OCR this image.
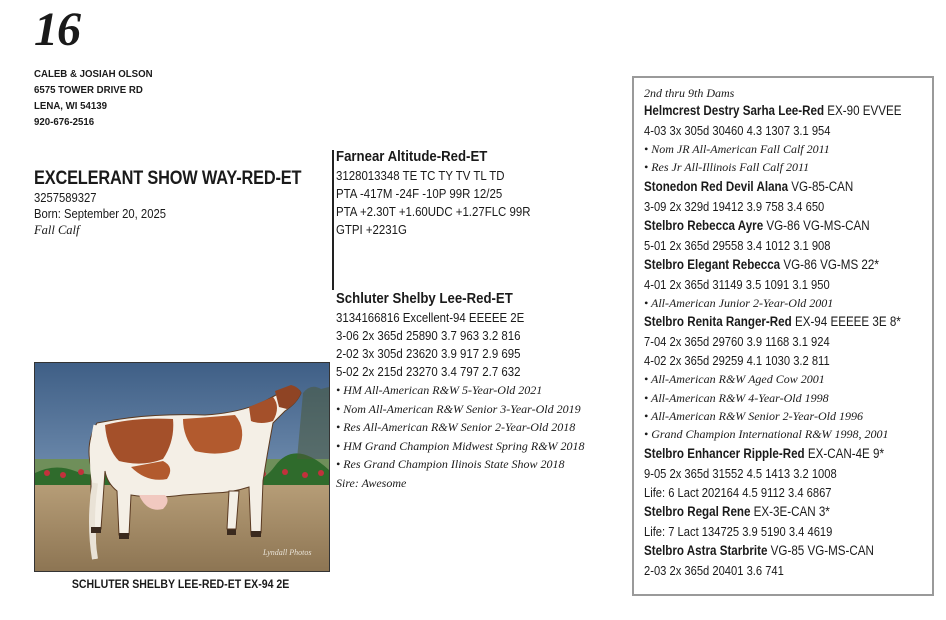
16
CALEB & JOSIAH OLSON
6575 TOWER DRIVE RD
LENA, WI 54139
920-676-2516
EXCELERANT SHOW WAY-RED-ET
3257589327
Born: September 20, 2025
Fall Calf
Farnear Altitude-Red-ET
3128013348 TE TC TY TV TL TD
PTA -417M -24F -10P 99R 12/25
PTA +2.30T +1.60UDC +1.27FLC 99R
GTPI +2231G
Schluter Shelby Lee-Red-ET
3134166816 Excellent-94 EEEEE 2E
3-06 2x 365d 25890 3.7 963 3.2 816
2-02 3x 305d 23620 3.9 917 2.9 695
5-02 2x 215d 23270 3.4 797 2.7 632
• HM All-American R&W 5-Year-Old 2021
• Nom All-American R&W Senior 3-Year-Old 2019
• Res All-American R&W Senior 2-Year-Old 2018
• HM Grand Champion Midwest Spring R&W 2018
• Res Grand Champion Ilinois State Show 2018
Sire: Awesome
Lyndall Photos
SCHLUTER SHELBY LEE-RED-ET EX-94 2E
2nd thru 9th Dams
Helmcrest Destry Sarha Lee-Red EX-90 EVVEE
4-03 3x 305d 30460 4.3 1307 3.1 954
• Nom JR All-American Fall Calf 2011
• Res Jr All-Illinois Fall Calf 2011
Stonedon Red Devil Alana VG-85-CAN
3-09 2x 329d 19412 3.9 758 3.4 650
Stelbro Rebecca Ayre VG-86 VG-MS-CAN
5-01 2x 365d 29558 3.4 1012 3.1 908
Stelbro Elegant Rebecca VG-86 VG-MS 22*
4-01 2x 365d 31149 3.5 1091 3.1 950
• All-American Junior 2-Year-Old 2001
Stelbro Renita Ranger-Red EX-94 EEEEE 3E 8*
7-04 2x 365d 29760 3.9 1168 3.1 924
4-02 2x 365d 29259 4.1 1030 3.2 811
• All-American R&W Aged Cow 2001
• All-American R&W 4-Year-Old 1998
• All-American R&W Senior 2-Year-Old 1996
• Grand Champion International R&W 1998, 2001
Stelbro Enhancer Ripple-Red EX-CAN-4E 9*
9-05 2x 365d 31552 4.5 1413 3.2 1008
Life: 6 Lact 202164 4.5 9112 3.4 6867
Stelbro Regal Rene EX-3E-CAN 3*
Life: 7 Lact 134725 3.9 5190 3.4 4619
Stelbro Astra Starbrite VG-85 VG-MS-CAN
2-03 2x 365d 20401 3.6 741
